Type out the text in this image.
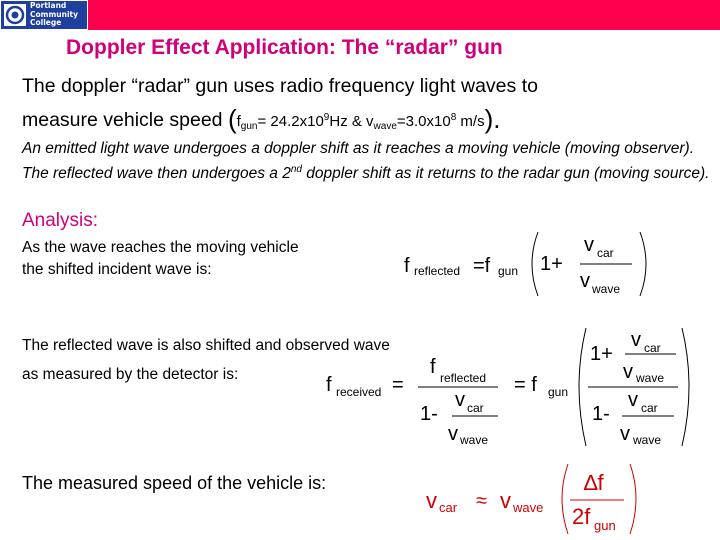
Portland
Community
College
Doppler Effect Application: The “radar” gun
The doppler “radar” gun uses radio frequency light waves to
measure vehicle speed ($f_{gun}= 24.2x10^9Hz$ & $v_{wave}=3.0x10^8$ m/s).
An emitted light wave undergoes a doppler shift as it reaches a moving vehicle (moving observer). The reflected wave then undergoes a 2nd doppler shift as it returns to the radar gun (moving source).
Analysis:
As the wave reaches the moving vehicle
the shifted incident wave is:
The reflected wave is also shifted and observed wave
as measured by the detector is:
The measured speed of the vehicle is:
f reflected =f gun 1+
v car
v wave
f received =
f reflected
1-
v car
v wave
= f gun
1+
v car
v wave
1-
v car
v wave
v car ≈ v wave
∆f
2f gun
